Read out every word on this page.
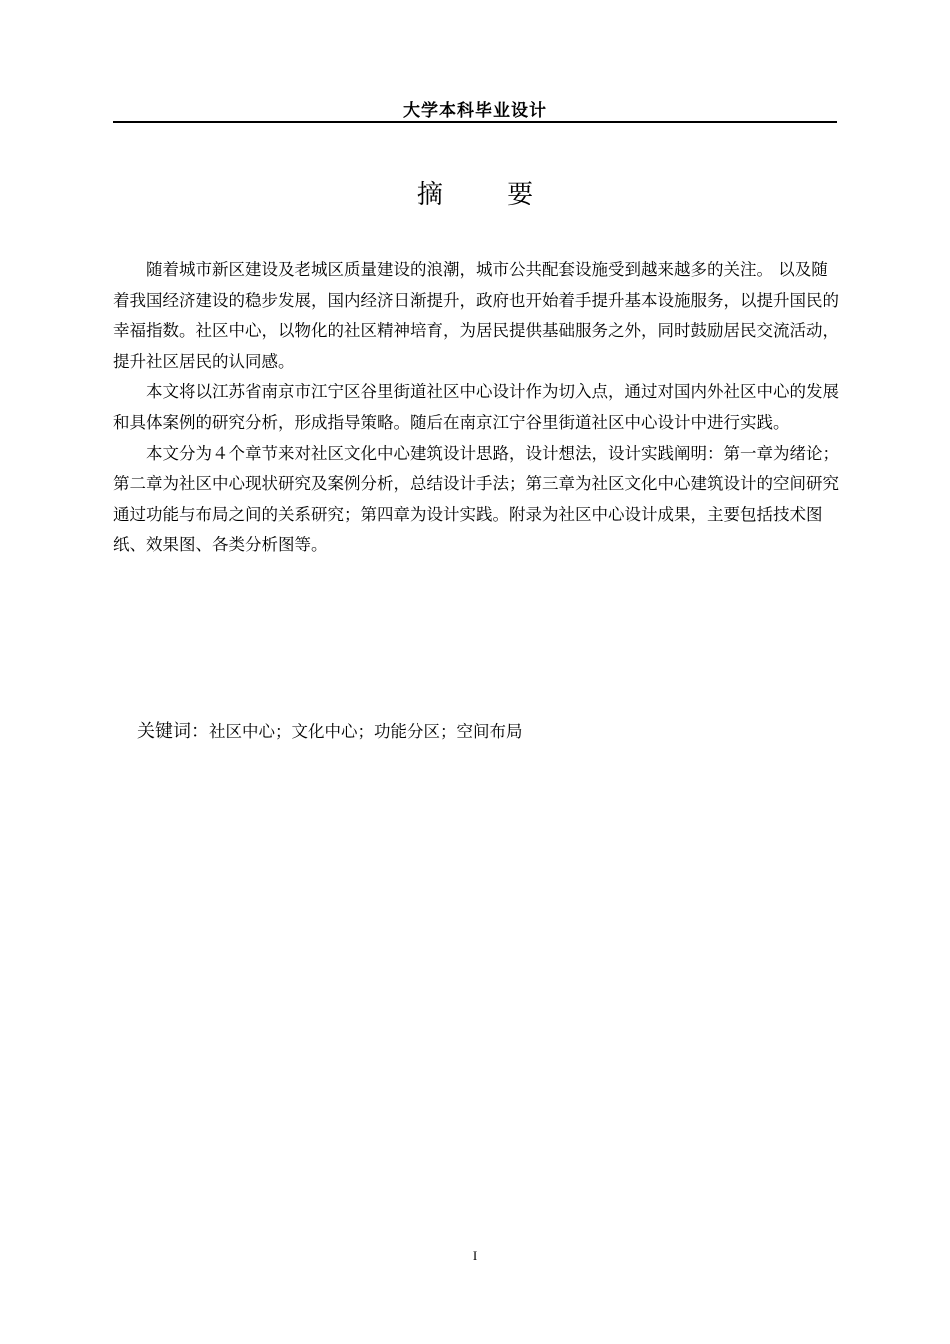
大学本科毕业设计
摘 要

随着城市新区建设及老城区质量建设的浪潮，城市公共配套设施受到越来越多的关注。 以及随着我国经济建设的稳步发展，国内经济日渐提升，政府也开始着手提升基本设施服务，以提升国民的幸福指数。社区中心，以物化的社区精神培育，为居民提供基础服务之外，同时鼓励居民交流活动，提升社区居民的认同感。

本文将以江苏省南京市江宁区谷里街道社区中心设计作为切入点，通过对国内外社区中心的发展和具体案例的研究分析，形成指导策略。随后在南京江宁谷里街道社区中心设计中进行实践。

本文分为４个章节来对社区文化中心建筑设计思路，设计想法，设计实践阐明：第一章为绪论；第二章为社区中心现状研究及案例分析，总结设计手法；第三章为社区文化中心建筑设计的空间研究通过功能与布局之间的关系研究；第四章为设计实践。附录为社区中心设计成果，主要包括技术图纸、效果图、各类分析图等。

关键词：社区中心；文化中心；功能分区；空间布局
I
